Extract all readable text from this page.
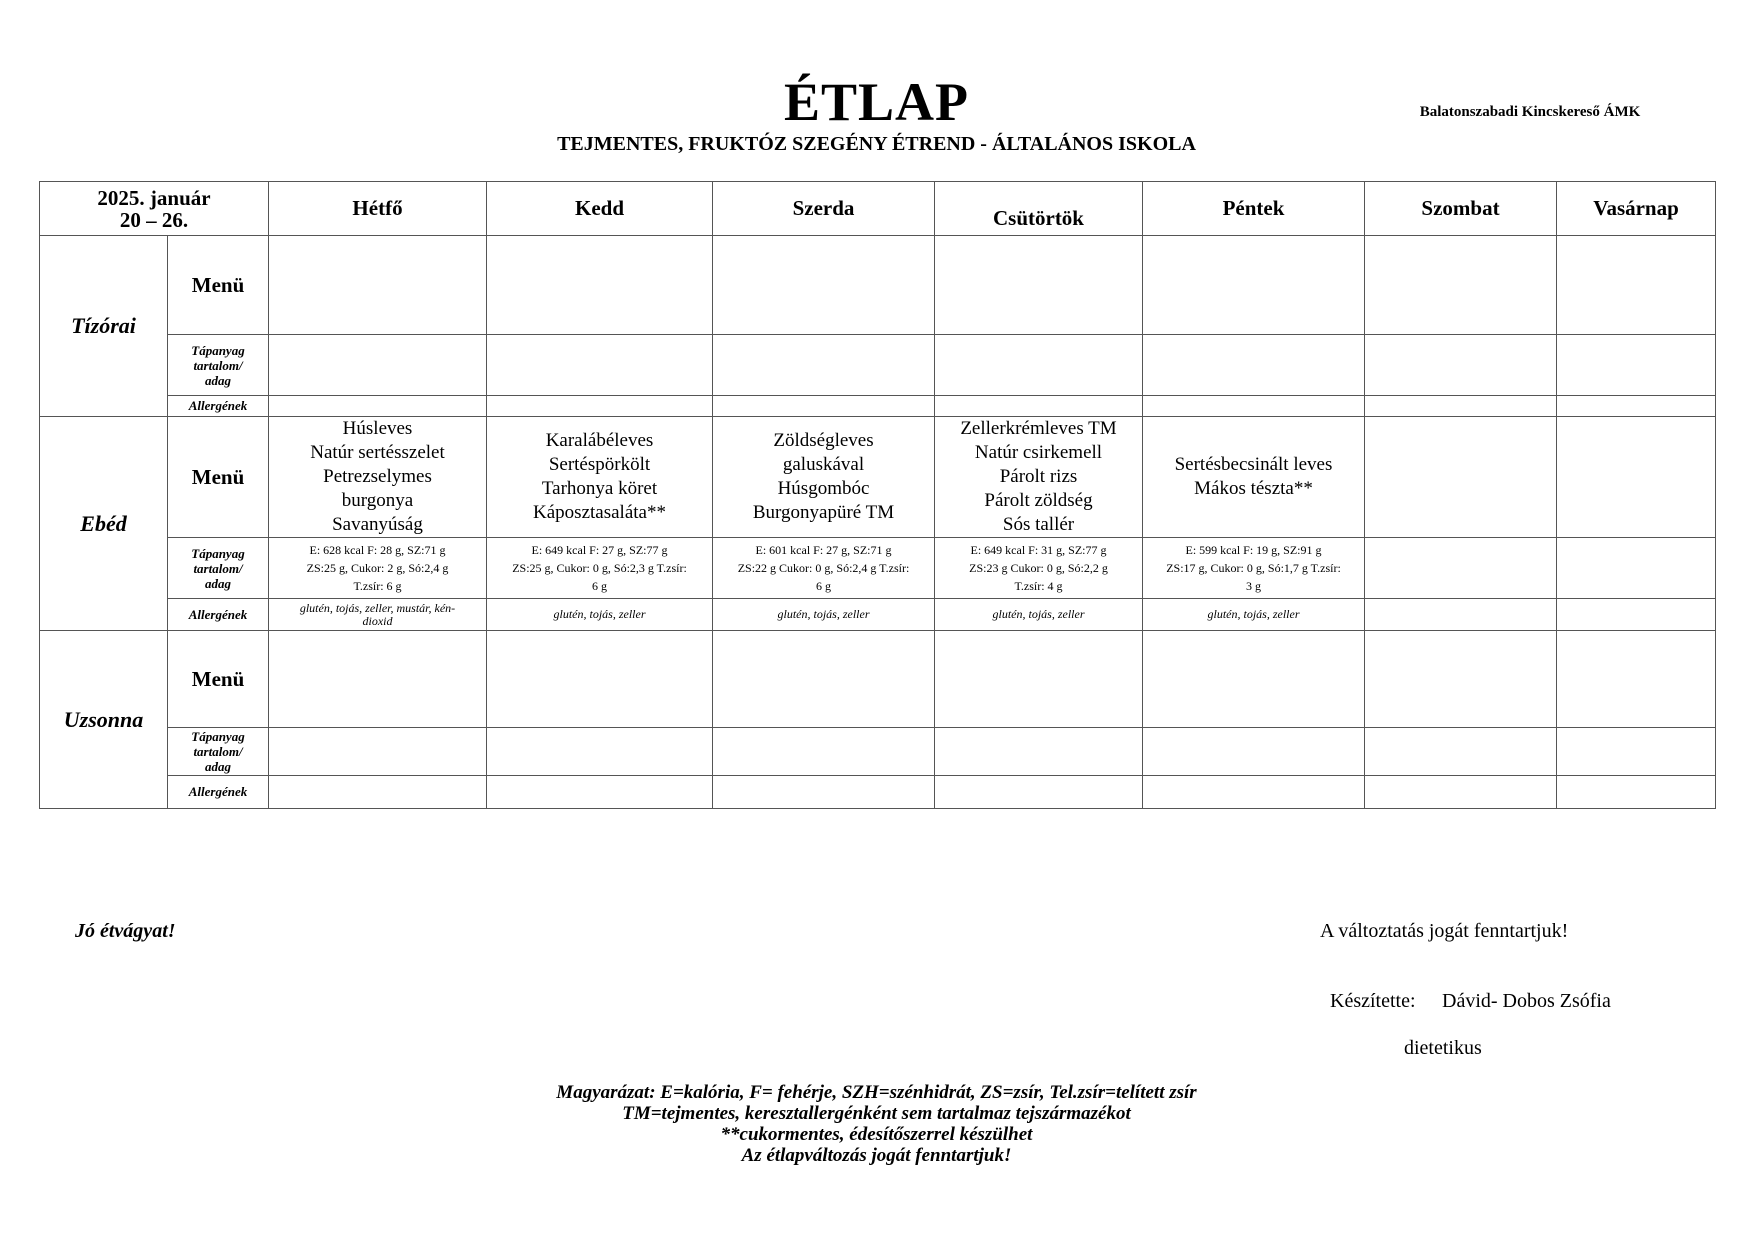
ÉTLAP	Balatonszabadi Kincskereső ÁMK
TEJMENTES, FRUKTÓZ SZEGÉNY ÉTREND - ÁLTALÁNOS ISKOLA
2025. január
20 – 26.		Hétfő	Kedd	Szerda	Csütörtök	Péntek	Szombat	Vasárnap
Tízórai	Menü							

	Tápanyag
tartalom/
adag							

	Allergének							
Ebéd	Menü	Húsleves
Natúr sertésszelet
Petrezselymes
burgonya
Savanyúság	Karalábéleves
Sertéspörkölt
Tarhonya köret
Káposztasaláta**	Zöldségleves
galuskával
Húsgombóc
Burgonyapüré TM	Zellerkrémleves TM
Natúr csirkemell
Párolt rizs
Párolt zöldség
Sós tallér	Sertésbecsinált leves
Mákos tészta**		

	Tápanyag
tartalom/
adag	E: 628 kcal F: 28 g, SZ:71 g
ZS:25 g, Cukor: 2 g, Só:2,4 g
T.zsír: 6 g	E: 649 kcal F: 27 g, SZ:77 g
ZS:25 g, Cukor: 0 g, Só:2,3 g T.zsír:
6 g	E: 601 kcal F: 27 g, SZ:71 g
ZS:22 g Cukor: 0 g, Só:2,4 g T.zsír:
6 g	E: 649 kcal F: 31 g, SZ:77 g
ZS:23 g Cukor: 0 g, Só:2,2 g
T.zsír: 4 g	E: 599 kcal F: 19 g, SZ:91 g
ZS:17 g, Cukor: 0 g, Só:1,7 g T.zsír:
3 g		

	Allergének	glutén, tojás, zeller, mustár, kén-
dioxid	glutén, tojás, zeller	glutén, tojás, zeller	glutén, tojás, zeller	glutén, tojás, zeller		
Uzsonna	Menü							

	Tápanyag
tartalom/
adag							

	Allergének							
Jó étvágyat!	A változtatás jogát fenntartjuk!
Készítette: Dávid- Dobos Zsófia
dietetikus
Magyarázat: E=kalória, F= fehérje, SZH=szénhidrát, ZS=zsír, Tel.zsír=telített zsír
TM=tejmentes, keresztallergénként sem tartalmaz tejszármazékot
**cukormentes, édesítőszerrel készülhet
Az étlapváltozás jogát fenntartjuk!
